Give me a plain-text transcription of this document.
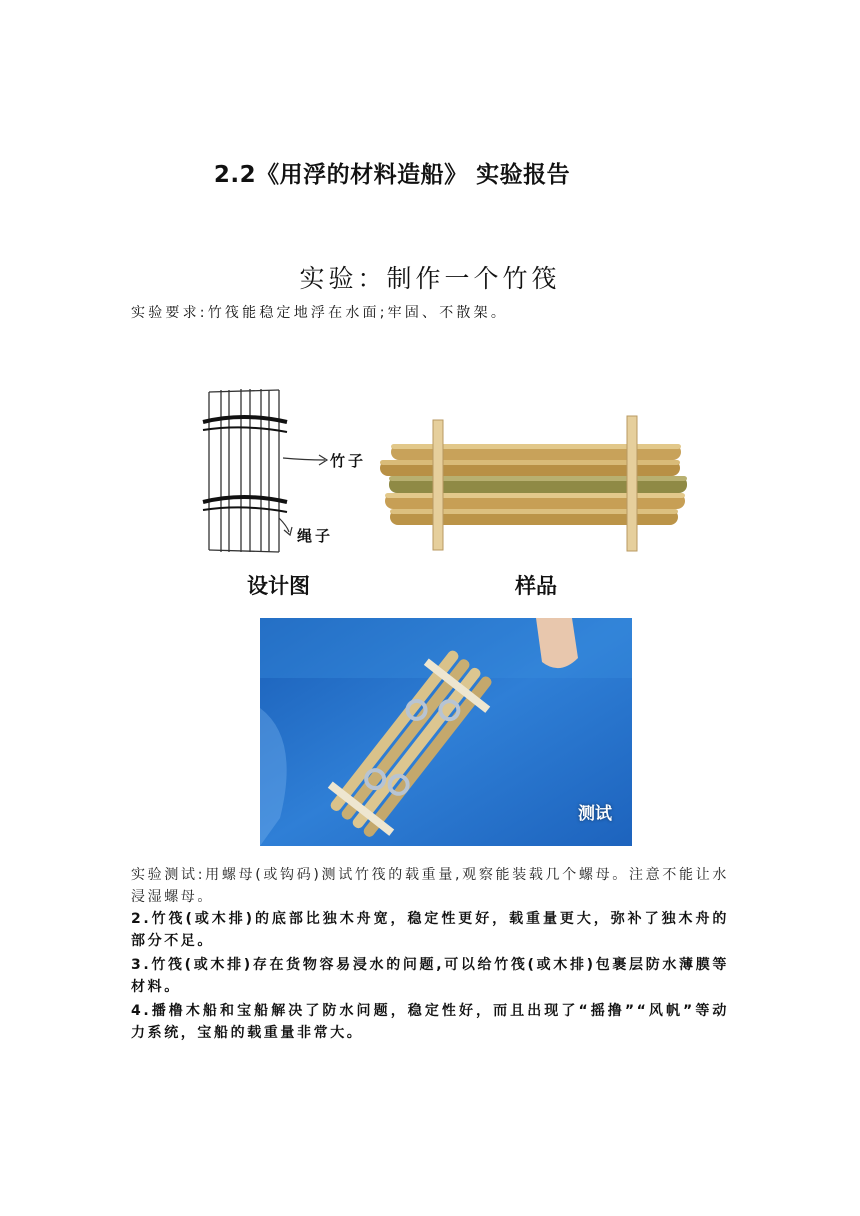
2.2《用浮的材料造船》 实验报告
实验：制作一个竹筏
实验要求:竹筏能稳定地浮在水面;牢固、不散架。
竹子
绳子
设计图	样品
测试
实验测试:用螺母(或钩码)测试竹筏的载重量,观察能装载几个螺母。注意不能让水浸湿螺母。
2.竹筏(或木排)的底部比独木舟宽，稳定性更好，载重量更大，弥补了独木舟的部分不足。
3.竹筏(或木排)存在货物容易浸水的问题,可以给竹筏(或木排)包裹层防水薄膜等材料。
4.播橹木船和宝船解决了防水问题，稳定性好，而且出现了“摇撸”“风帆”等动力系统，宝船的载重量非常大。
